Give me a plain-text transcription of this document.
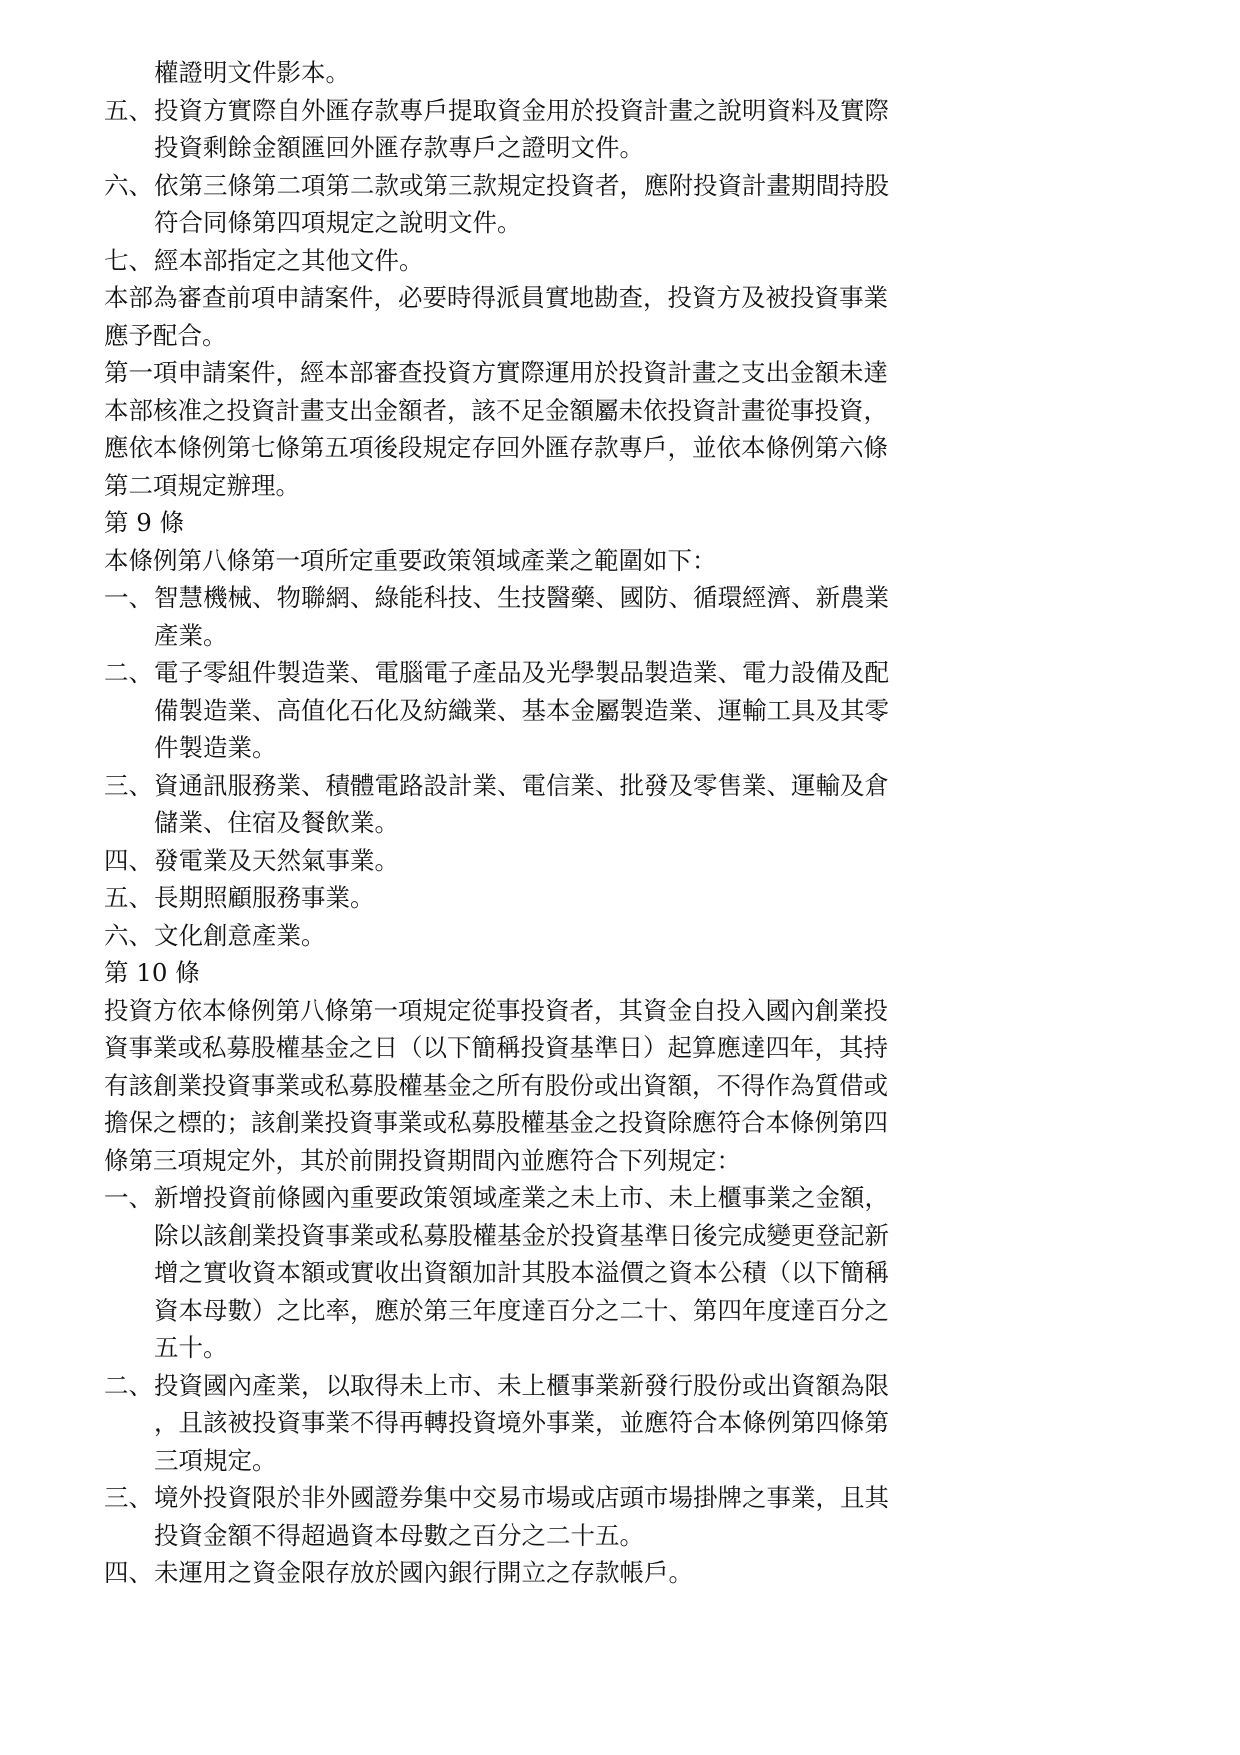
權證明文件影本。
五、 投資方實際自外匯存款專戶提取資金用於投資計畫之說明資料及實際
投資剩餘金額匯回外匯存款專戶之證明文件。
六、 依第三條第二項第二款或第三款規定投資者，應附投資計畫期間持股
符合同條第四項規定之說明文件。
七、 經本部指定之其他文件。
本部為審查前項申請案件，必要時得派員實地勘查，投資方及被投資事業
應予配合。
第一項申請案件，經本部審查投資方實際運用於投資計畫之支出金額未達
本部核准之投資計畫支出金額者，該不足金額屬未依投資計畫從事投資，
應依本條例第七條第五項後段規定存回外匯存款專戶，並依本條例第六條
第二項規定辦理。
第 9 條
本條例第八條第一項所定重要政策領域產業之範圍如下：
一、 智慧機械、物聯網、綠能科技、生技醫藥、國防、循環經濟、新農業
產業。
二、 電子零組件製造業、電腦電子產品及光學製品製造業、電力設備及配
備製造業、高值化石化及紡織業、基本金屬製造業、運輸工具及其零
件製造業。
三、 資通訊服務業、積體電路設計業、電信業、批發及零售業、運輸及倉
儲業、住宿及餐飲業。
四、 發電業及天然氣事業。
五、 長期照顧服務事業。
六、 文化創意產業。
第 10 條
投資方依本條例第八條第一項規定從事投資者，其資金自投入國內創業投
資事業或私募股權基金之日（以下簡稱投資基準日）起算應達四年，其持
有該創業投資事業或私募股權基金之所有股份或出資額，不得作為質借或
擔保之標的；該創業投資事業或私募股權基金之投資除應符合本條例第四
條第三項規定外，其於前開投資期間內並應符合下列規定：
一、 新增投資前條國內重要政策領域產業之未上市、未上櫃事業之金額，
除以該創業投資事業或私募股權基金於投資基準日後完成變更登記新
增之實收資本額或實收出資額加計其股本溢價之資本公積（以下簡稱
資本母數）之比率，應於第三年度達百分之二十、第四年度達百分之
五十。
二、 投資國內產業，以取得未上市、未上櫃事業新發行股份或出資額為限
，且該被投資事業不得再轉投資境外事業，並應符合本條例第四條第
三項規定。
三、 境外投資限於非外國證券集中交易市場或店頭市場掛牌之事業，且其
投資金額不得超過資本母數之百分之二十五。
四、 未運用之資金限存放於國內銀行開立之存款帳戶。
